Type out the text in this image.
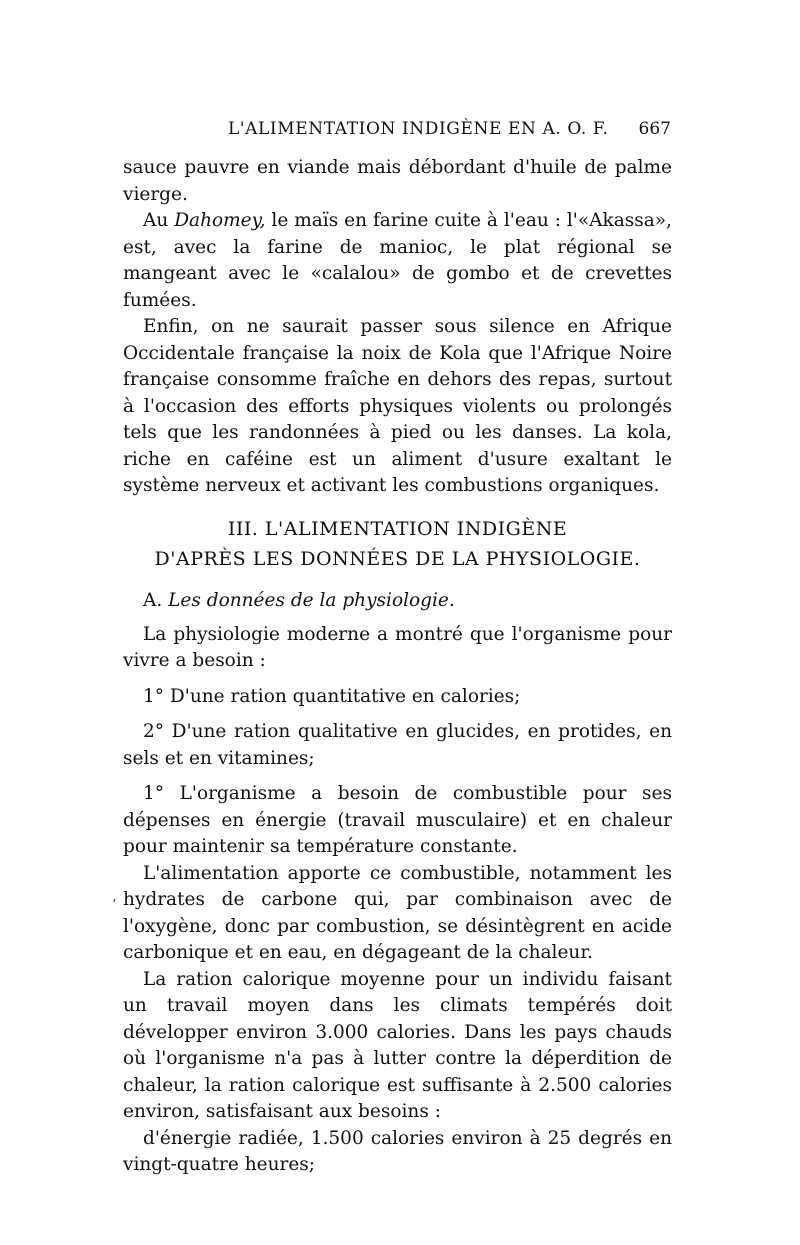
L'ALIMENTATION INDIGÈNE EN A. O. F. 667
‘

sauce pauvre en viande mais débordant d'huile de palme vierge.

Au Dahomey, le maïs en farine cuite à l'eau : l'«Akassa», est, avec la farine de manioc, le plat régional se mangeant avec le «calalou» de gombo et de crevettes fumées.

Enfin, on ne saurait passer sous silence en Afrique Occidentale française la noix de Kola que l'Afrique Noire française consomme fraîche en dehors des repas, surtout à l'occasion des efforts physiques violents ou prolongés tels que les randonnées à pied ou les danses. La kola, riche en caféine est un aliment d'usure exaltant le système nerveux et activant les combustions organiques.

III. L'ALIMENTATION INDIGÈNE
D'APRÈS LES DONNÉES DE LA PHYSIOLOGIE.
A. Les données de la physiologie.

La physiologie moderne a montré que l'organisme pour vivre a besoin :

1° D'une ration quantitative en calories;

2° D'une ration qualitative en glucides, en protides, en sels et en vitamines;

1° L'organisme a besoin de combustible pour ses dépenses en énergie (travail musculaire) et en chaleur pour maintenir sa température constante.

L'alimentation apporte ce combustible, notamment les hydrates de carbone qui, par combinaison avec de l'oxygène, donc par combustion, se désintègrent en acide carbonique et en eau, en dégageant de la chaleur.

La ration calorique moyenne pour un individu faisant un travail moyen dans les climats tempérés doit développer environ 3.000 calories. Dans les pays chauds où l'organisme n'a pas à lutter contre la déperdition de chaleur, la ration calorique est suffisante à 2.500 calories environ, satisfaisant aux besoins :

d'énergie radiée, 1.500 calories environ à 25 degrés en vingt-quatre heures;
